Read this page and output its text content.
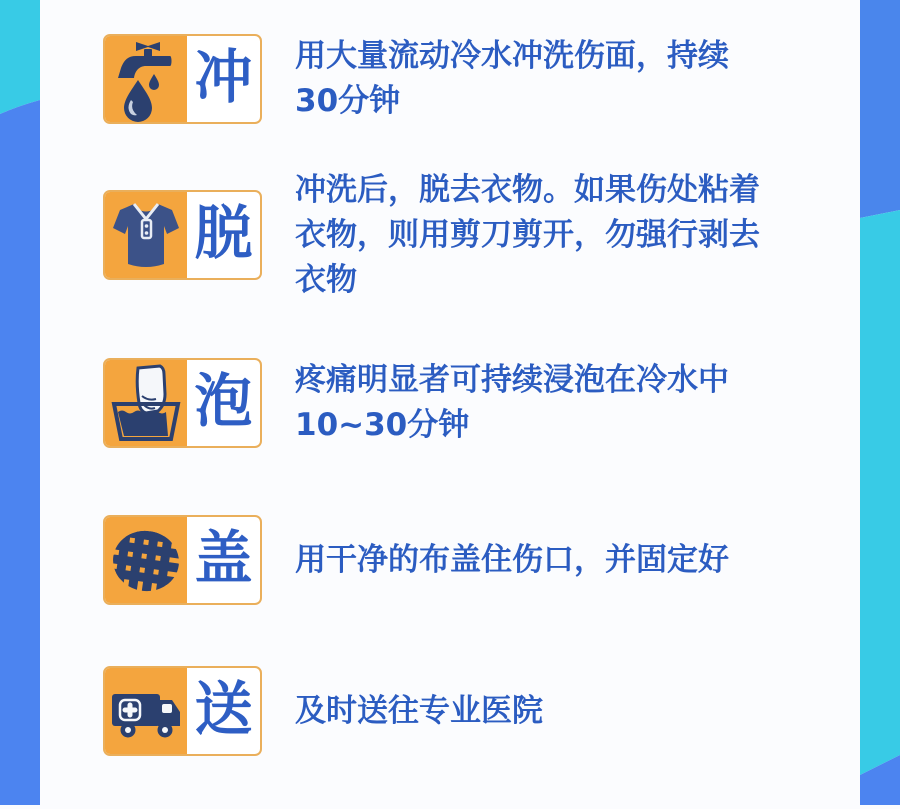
冲 用大量流动冷水冲洗伤面，持续30分钟

脱

冲洗后，脱去衣物。如果伤处粘着衣物，则用剪刀剪开，勿强行剥去衣物

泡 疼痛明显者可持续浸泡在冷水中10~30分钟

盖 用干净的布盖住伤口，并固定好

送 及时送往专业医院
